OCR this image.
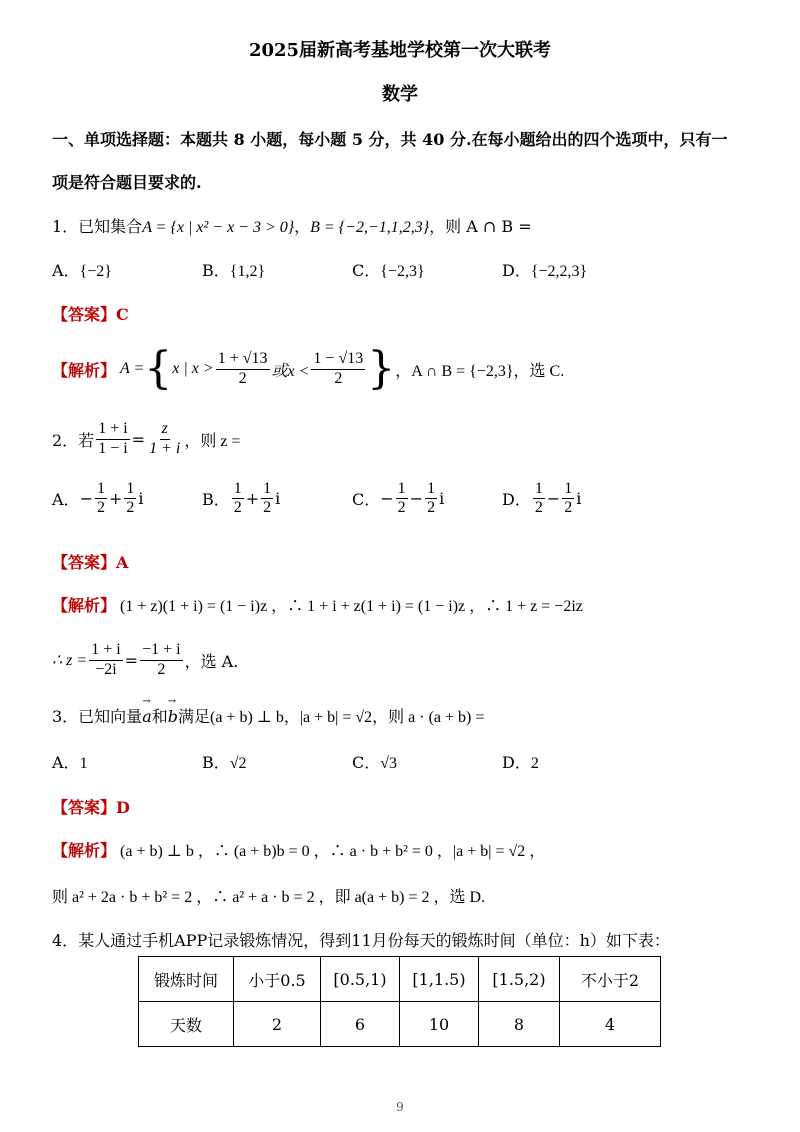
2025届新高考基地学校第一次大联考
数学
一、单项选择题：本题共 8 小题，每小题 5 分，共 40 分.在每小题给出的四个选项中，只有一
项是符合题目要求的.
1．已知集合A = {x | x² − x − 3 > 0}，B = {−2,−1,1,2,3}，则 A ∩ B =
A．{−2}	B．{1,2}	C．{−2,3}	D．{−2,2,3}
【答案】C
【解析】 A = { x | $x > \frac{1 + √13}{2}$ 或$x < \frac{1 - √13}{2}$ } ，A ∩ B = {−2,3}，选 C.
2．若 $\frac{1 + i}{1 - i} = \frac{z}{1 + i}$ ，则 z =
A． − $\frac{1}{2} + \frac{1}{2}$ i	B． $\frac{1}{2} + \frac{1}{2}$ i	C． − $\frac{1}{2} - \frac{1}{2}$ i	D． $\frac{1}{2} - \frac{1}{2}$ i
【答案】A
【解析】 (1 + z)(1 + i) = (1 − i)z ，∴ 1 + i + z(1 + i) = (1 − i)z ，∴ 1 + z = −2iz
∴ $z = \frac{1 + i}{-2i} = \frac{-1 + i}{2}$ ，选 A.
3．已知向量→ a和→ b满足(a + b) ⊥ b，|a + b| = √2，则 a · (a + b) =
A．1	B．√2	C．√3	D．2
【答案】D
【解析】 (a + b) ⊥ b ，∴ (a + b)b = 0 ，∴ a · b + b² = 0 ，|a + b| = √2 ，
则 a² + 2a · b + b² = 2 ，∴ a² + a · b = 2 ，即 a(a + b) = 2 ，选 D.
4．某人通过手机APP记录锻炼情况，得到11月份每天的锻炼时间（单位：h）如下表：
锻炼时间	小于0.5	[0.5,1)	[1,1.5)	[1.5,2)	不小于2
天数	2	6	10	8	4
9
